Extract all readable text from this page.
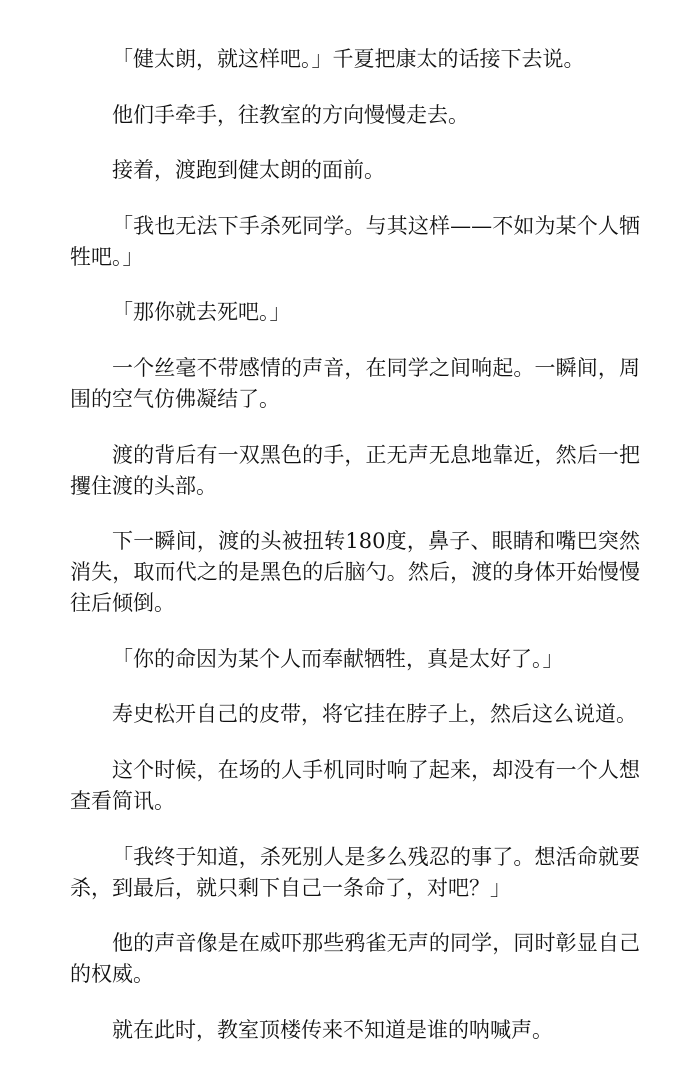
「健太朗，就这样吧。」千夏把康太的话接下去说。

他们手牵手，往教室的方向慢慢走去。

接着，渡跑到健太朗的面前。

「我也无法下手杀死同学。与其这样——不如为某个人牺牲吧。」

「那你就去死吧。」

一个丝毫不带感情的声音，在同学之间响起。一瞬间，周围的空气仿佛凝结了。

渡的背后有一双黑色的手，正无声无息地靠近，然后一把攫住渡的头部。

下一瞬间，渡的头被扭转180度，鼻子、眼睛和嘴巴突然消失，取而代之的是黑色的后脑勺。然后，渡的身体开始慢慢往后倾倒。

「你的命因为某个人而奉献牺牲，真是太好了。」

寿史松开自己的皮带，将它挂在脖子上，然后这么说道。

这个时候，在场的人手机同时响了起来，却没有一个人想查看简讯。

「我终于知道，杀死别人是多么残忍的事了。想活命就要杀，到最后，就只剩下自己一条命了，对吧？」

他的声音像是在威吓那些鸦雀无声的同学，同时彰显自己的权威。

就在此时，教室顶楼传来不知道是谁的呐喊声。
